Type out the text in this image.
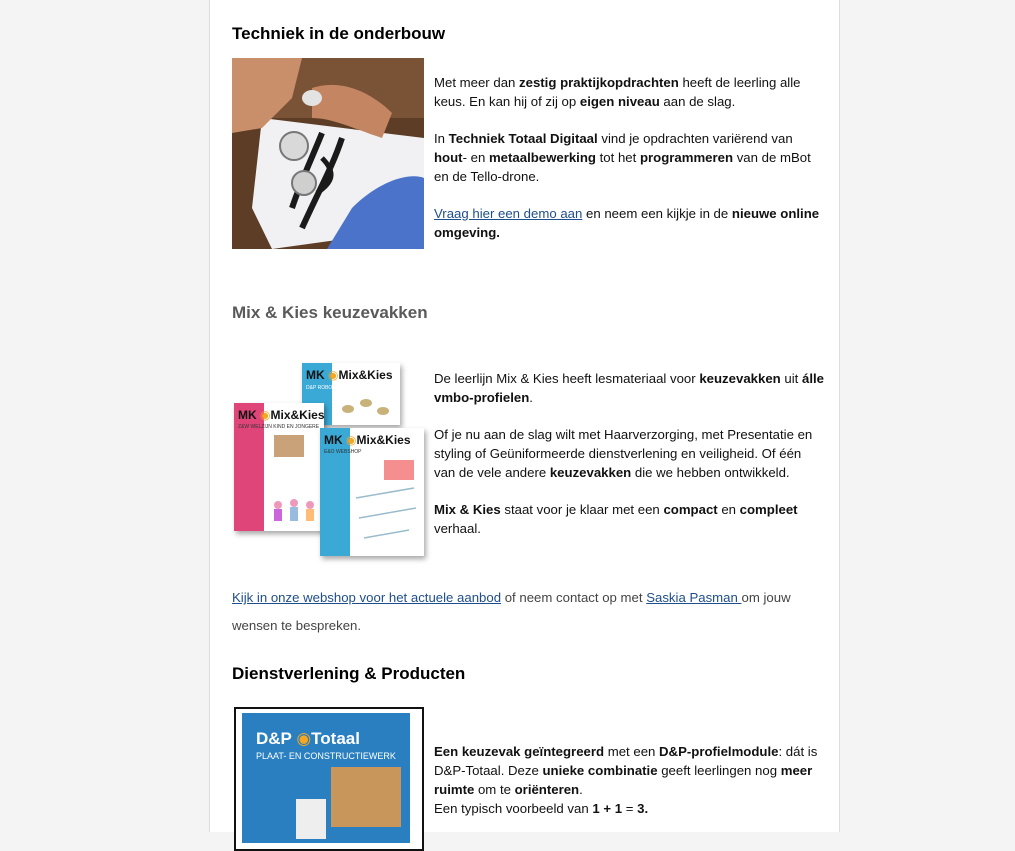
Techniek in de onderbouw

Met meer dan zestig praktijkopdrachten heeft de leerling alle keus. En kan hij of zij op eigen niveau aan de slag.

In Techniek Totaal Digitaal vind je opdrachten variërend van hout- en metaalbewerking tot het programmeren van de mBot en de Tello-drone.

Vraag hier een demo aan en neem een kijkje in de nieuwe online omgeving.

Mix & Kies keuzevakken
MK ◉Mix&Kies
D&P ROBOTICA
MK ◉Mix&Kies
Z&W WELZIJN KIND EN JONGERE
MK ◉Mix&Kies
E&O WEBSHOP

De leerlijn Mix & Kies heeft lesmateriaal voor keuzevakken uit álle vmbo-profielen.

Of je nu aan de slag wilt met Haarverzorging, met Presentatie en styling of Geüniformeerde dienstverlening en veiligheid. Of één van de vele andere keuzevakken die we hebben ontwikkeld.

Mix & Kies staat voor je klaar met een compact en compleet verhaal.

Kijk in onze webshop voor het actuele aanbod of neem contact op met Saskia Pasman om jouw wensen te bespreken.
Dienstverlening & Producten
D&P ◉Totaal
PLAAT- EN CONSTRUCTIEWERK	Een keuzevak geïntegreerd met een D&P-profielmodule: dát is D&P-Totaal. Deze unieke combinatie geeft leerlingen nog meer ruimte om te oriënteren.

Een typisch voorbeeld van 1 + 1 = 3.
